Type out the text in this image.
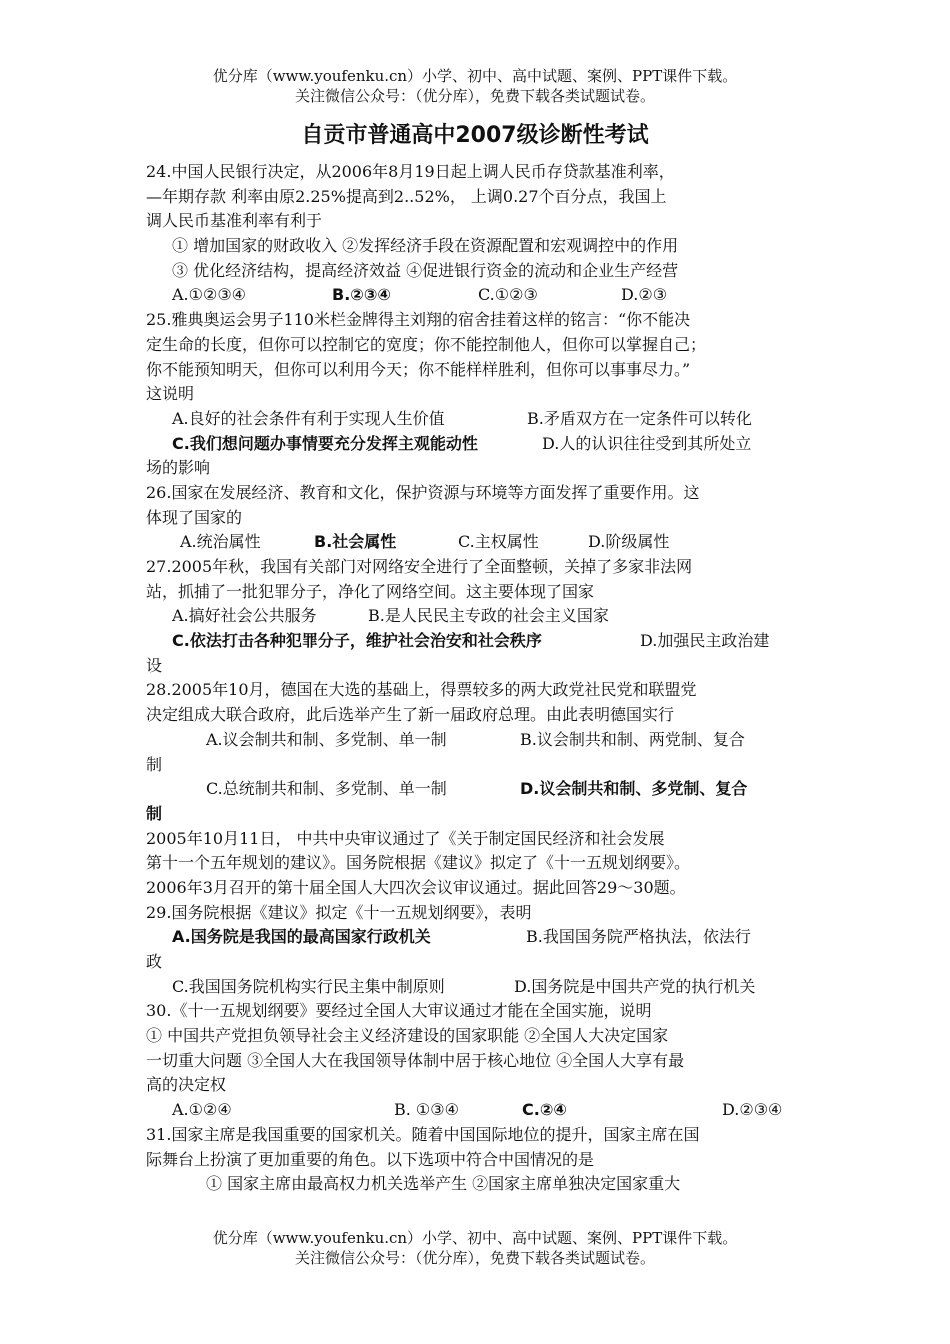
优分库（www.youfenku.cn）小学、初中、高中试题、案例、PPT课件下载。
关注微信公众号：（优分库），免费下载各类试题试卷。
自贡市普通高中2007级诊断性考试
24.中国人民银行决定，从2006年8月19日起上调人民币存贷款基准利率，
—年期存款 利率由原2.25%提高到2..52%， 上调0.27个百分点，我国上
调人民币基准利率有利于
① 增加国家的财政收入 ②发挥经济手段在资源配置和宏观调控中的作用
③ 优化经济结构，提高经济效益 ④促进银行资金的流动和企业生产经营
A.①②③④	B.②③④	C.①②③	D.②③
25.雅典奥运会男子110米栏金牌得主刘翔的宿舍挂着这样的铭言：“你不能决
定生命的长度，但你可以控制它的宽度；你不能控制他人，但你可以掌握自己；
你不能预知明天，但你可以利用今天；你不能样样胜利，但你可以事事尽力。”
这说明
A.良好的社会条件有利于实现人生价值	B.矛盾双方在一定条件可以转化
C.我们想问题办事情要充分发挥主观能动性	D.人的认识往往受到其所处立
场的影响
26.国家在发展经济、教育和文化，保护资源与环境等方面发挥了重要作用。这
体现了国家的
A.统治属性	B.社会属性	C.主权属性	D.阶级属性
27.2005年秋，我国有关部门对网络安全进行了全面整顿，关掉了多家非法网
站，抓捕了一批犯罪分子，净化了网络空间。这主要体现了国家
A.搞好社会公共服务	B.是人民民主专政的社会主义国家
C.依法打击各种犯罪分子，维护社会治安和社会秩序	D.加强民主政治建
设
28.2005年10月，德国在大选的基础上，得票较多的两大政党社民党和联盟党
决定组成大联合政府，此后选举产生了新一届政府总理。由此表明德国实行
A.议会制共和制、多党制、单一制	B.议会制共和制、两党制、复合
制
C.总统制共和制、多党制、单一制	D.议会制共和制、多党制、复合
制
2005年10月11日， 中共中央审议通过了《关于制定国民经济和社会发展
第十一个五年规划的建议》。国务院根据《建议》拟定了《十一五规划纲要》。
2006年3月召开的第十届全国人大四次会议审议通过。据此回答29～30题。
29.国务院根据《建议》拟定《十一五规划纲要》，表明
A.国务院是我国的最高国家行政机关	B.我国国务院严格执法，依法行
政
C.我国国务院机构实行民主集中制原则	D.国务院是中国共产党的执行机关
30.《十一五规划纲要》要经过全国人大审议通过才能在全国实施，说明
① 中国共产党担负领导社会主义经济建设的国家职能 ②全国人大决定国家
一切重大问题 ③全国人大在我国领导体制中居于核心地位 ④全国人大享有最
高的决定权
A.①②④	B. ①③④	C.②④	D.②③④
31.国家主席是我国重要的国家机关。随着中国国际地位的提升，国家主席在国
际舞台上扮演了更加重要的角色。以下选项中符合中国情况的是
① 国家主席由最高权力机关选举产生 ②国家主席单独决定国家重大
优分库（www.youfenku.cn）小学、初中、高中试题、案例、PPT课件下载。
关注微信公众号：（优分库），免费下载各类试题试卷。
